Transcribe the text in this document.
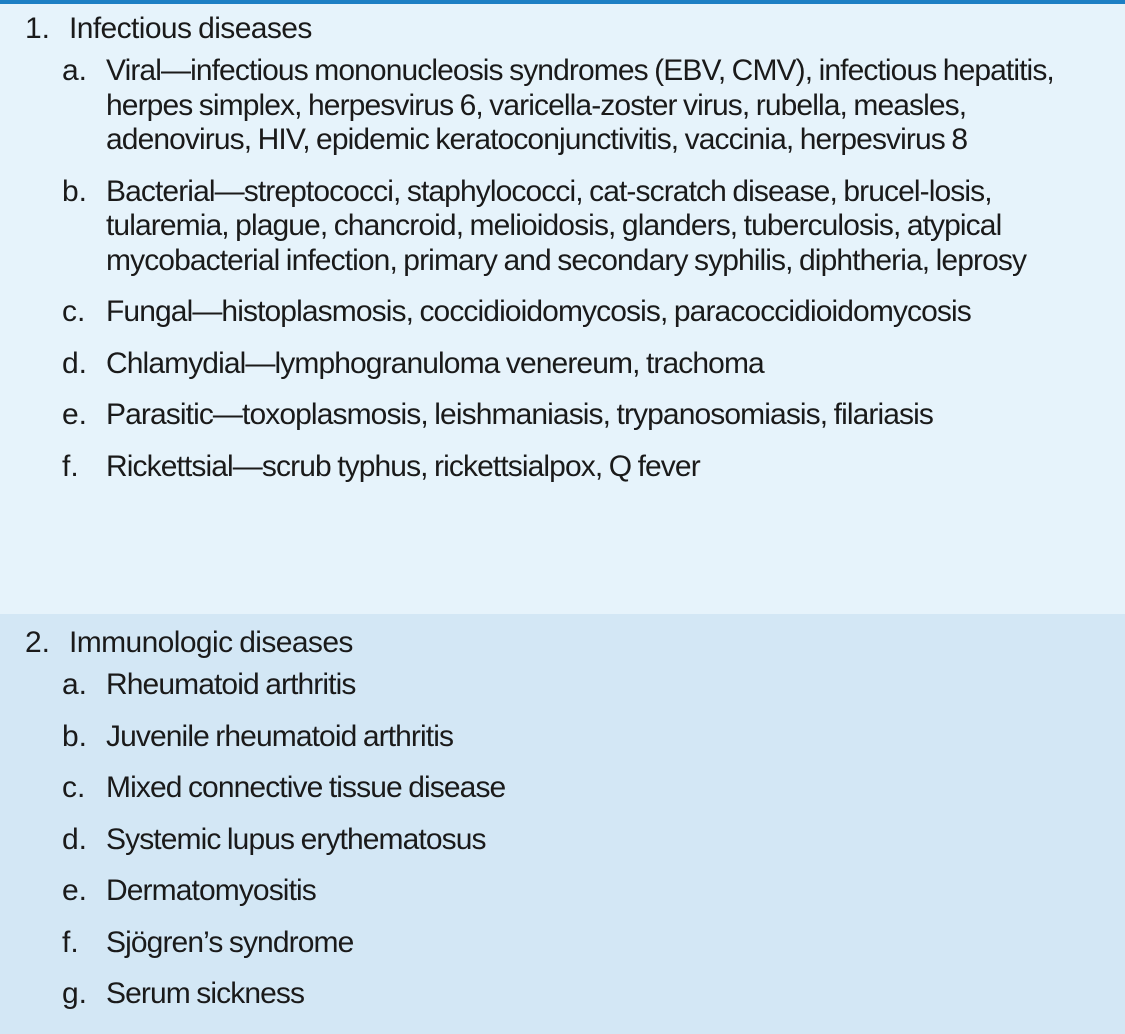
1. Infectious diseases
a. Viral—infectious mononucleosis syndromes (EBV, CMV), infectious hepatitis, herpes simplex, herpesvirus 6, varicella-zoster virus, rubella, measles, adenovirus, HIV, epidemic keratoconjunctivitis, vaccinia, herpesvirus 8
b. Bacterial—streptococci, staphylococci, cat-scratch disease, brucel-losis, tularemia, plague, chancroid, melioidosis, glanders, tuberculosis, atypical mycobacterial infection, primary and secondary syphilis, diphtheria, leprosy
c. Fungal—histoplasmosis, coccidioidomycosis, paracoccidioidomycosis
d. Chlamydial—lymphogranuloma venereum, trachoma
e. Parasitic—toxoplasmosis, leishmaniasis, trypanosomiasis, filariasis
f. Rickettsial—scrub typhus, rickettsialpox, Q fever
2. Immunologic diseases
a. Rheumatoid arthritis
b. Juvenile rheumatoid arthritis
c. Mixed connective tissue disease
d. Systemic lupus erythematosus
e. Dermatomyositis
f. Sjögren’s syndrome
g. Serum sickness
